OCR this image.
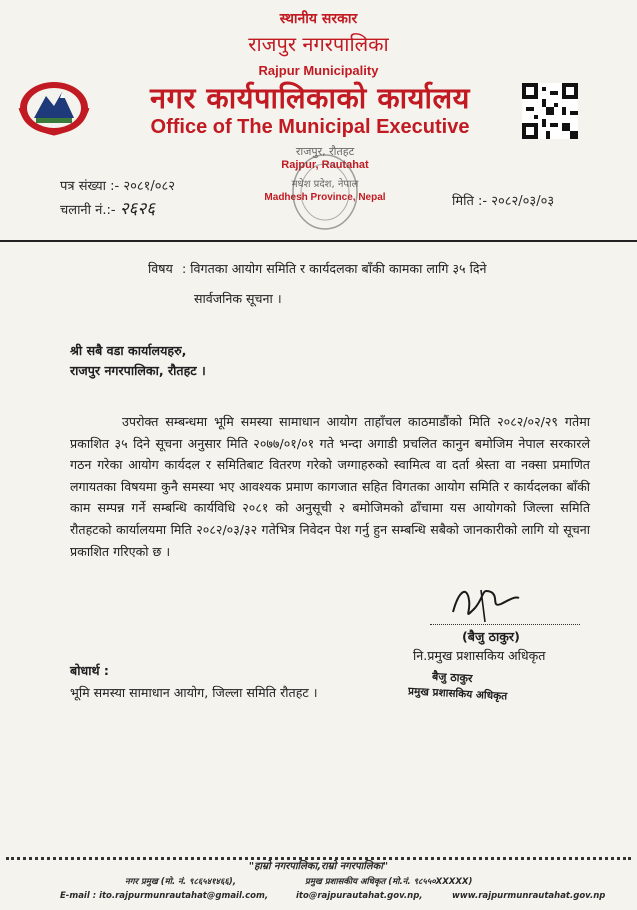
स्थानीय सरकार
राजपुर नगरपालिका
Rajpur Municipality
नगर कार्यपालिकाको कार्यालय
Office of The Municipal Executive
पत्र संख्या :- २०८१/०८२
चलानी नं.:- २६२६	मिति :- २०८२/०३/०३
राजपुर, रौतहट
Rajpur, Rautahat
मधेश प्रदेश, नेपाल
Madhesh Province, Nepal
विषय : विगतका आयोग समिति र कार्यदलका बाँकी कामका लागि ३५ दिने
सार्वजनिक सूचना ।
श्री सबै वडा कार्यालयहरु,
राजपुर नगरपालिका, रौतहट ।
उपरोक्त सम्बन्धमा भूमि समस्या सामाधान आयोग ताहाँचल काठमाडौंको मिति २०८२/०२/२९ गतेमा प्रकाशित ३५ दिने सूचना अनुसार मिति २०७७/०१/०१ गते भन्दा अगाडी प्रचलित कानुन बमोजिम नेपाल सरकारले गठन गरेका आयोग कार्यदल र समितिबाट वितरण गरेको जग्गाहरुको स्वामित्व वा दर्ता श्रेस्ता वा नक्सा प्रमाणित लगायतका विषयमा कुनै समस्या भए आवश्यक प्रमाण कागजात सहित विगतका आयोग समिति र कार्यदलका बाँकी काम सम्पन्न गर्ने सम्बन्धि कार्यविधि २०८१ को अनुसूची २ बमोजिमको ढाँचामा यस आयोगको जिल्ला समिति रौतहटको कार्यालयमा मिति २०८२/०३/३२ गतेभित्र निवेदन पेश गर्नु हुन सम्बन्धि सबैको जानकारीको लागि यो सूचना प्रकाशित गरिएको छ ।
(बैजु ठाकुर)
नि.प्रमुख प्रशासकिय अधिकृत
बैजु ठाकुर
प्रमुख प्रशासकिय अधिकृत
बोधार्थ :
भूमि समस्या सामाधान आयोग, जिल्ला समिति रौतहट ।
"हाम्रो नगरपालिका,राम्रो नगरपालिका"
नगर प्रमुख (मो. नं. ९८६५४१४६६),	प्रमुख प्रशासकीय अधिकृत (मो.नं. ९८५५०XXXXX)
E-mail : ito.rajpurmunrautahat@gmail.com,	ito@rajpurautahat.gov.np,	www.rajpurmunrautahat.gov.np
